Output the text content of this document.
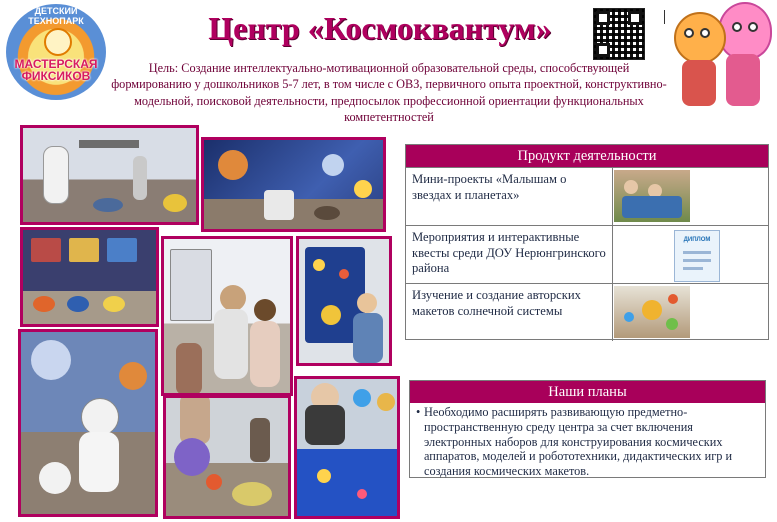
ДЕТСКИЙ ТЕХНОПАРК
МАСТЕРСКАЯ ФИКСИКОВ
Центр «Космоквантум»
Цель: Создание интеллектуально-мотивационной образовательной среды, способствующей формированию у дошкольников 5-7 лет, в том числе с ОВЗ, первичного опыта проектной, конструктивно-модельной, поисковой деятельности, предпосылок профессионной ориентации функциональных компетентностей
Продукт деятельности
Мини-проекты «Малышам о звездах и планетах»
Мероприятия и интерактивные квесты среди ДОУ Нерюнгринского района
ДИПЛОМ
Изучение и создание авторских макетов солнечной системы
Наши планы
• Необходимо расширять развивающую предметно-пространственную среду центра за счет включения электронных наборов для конструирования космических аппаратов, моделей и робототехники, дидактических игр и создания космических макетов.
